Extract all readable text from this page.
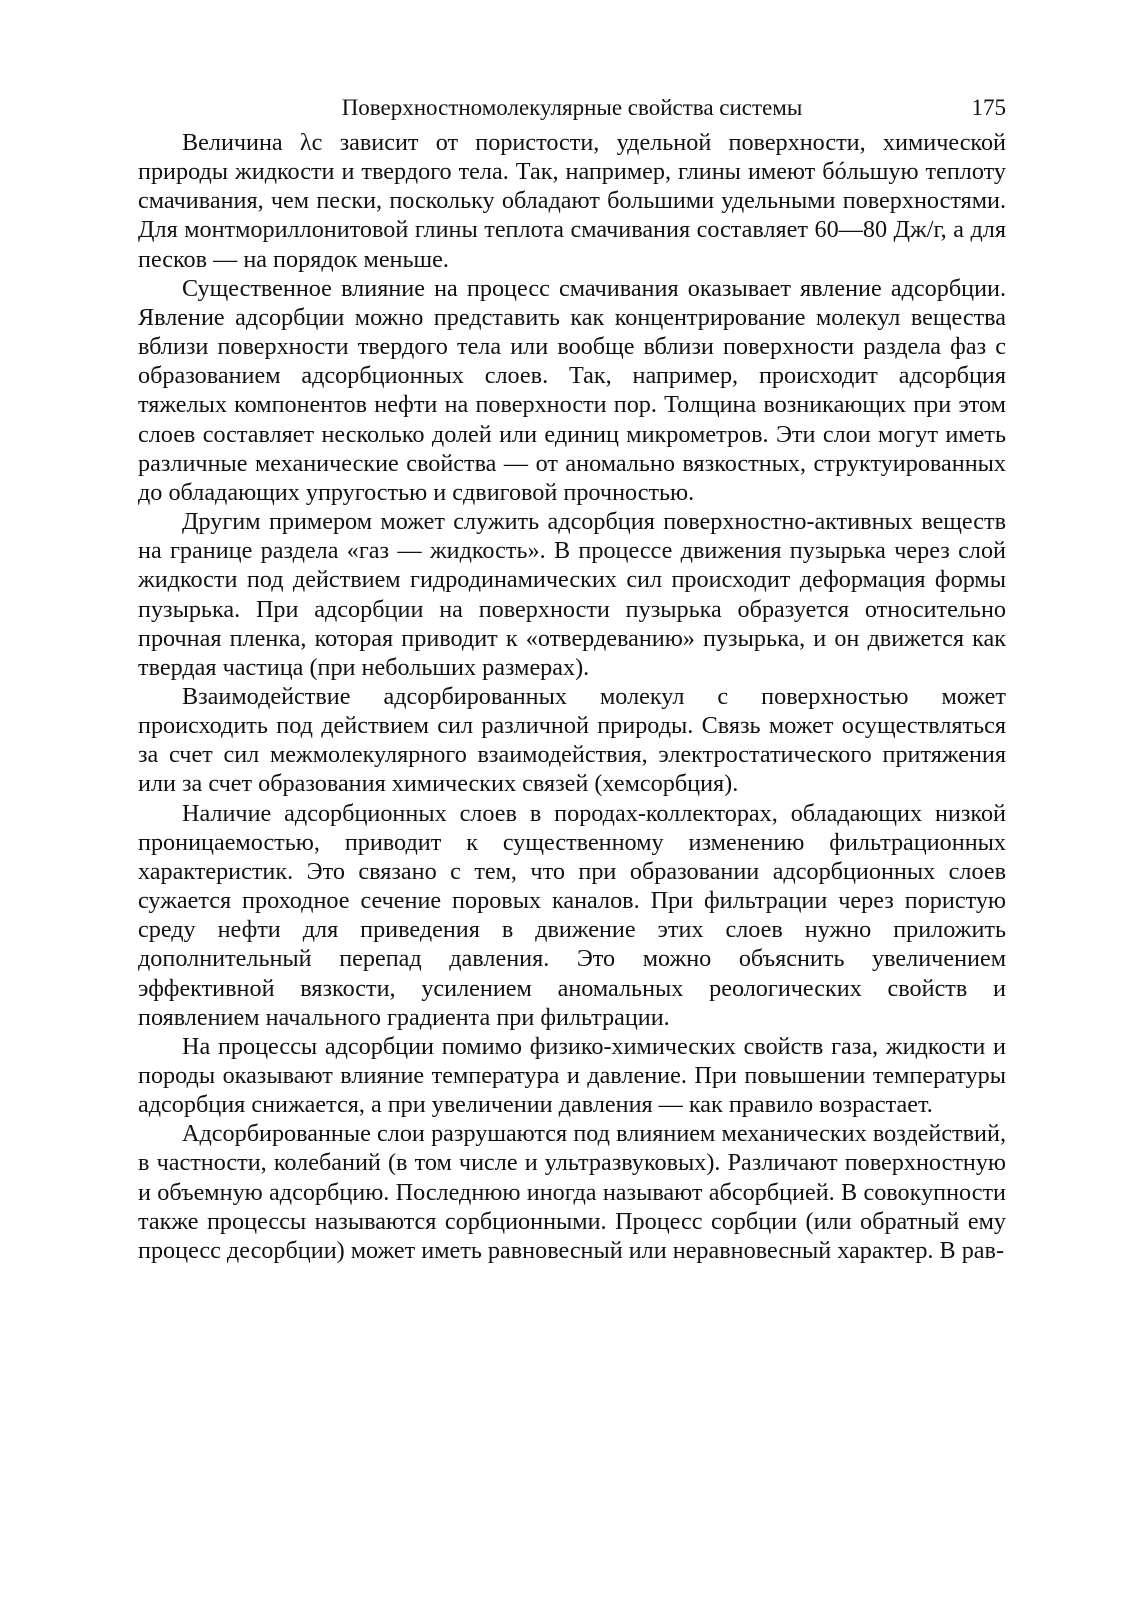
Поверхностномолекулярные свойства системы	175

Величина λc зависит от пористости, удельной поверхности, химической природы жидкости и твердого тела. Так, например, глины имеют бóльшую теплоту смачивания, чем пески, поскольку обладают большими удельными поверхностями. Для монтмориллонитовой глины теплота смачивания составляет 60—80 Дж/г, а для песков — на порядок меньше.

Существенное влияние на процесс смачивания оказывает явление адсорбции. Явление адсорбции можно представить как концентрирование молекул вещества вблизи поверхности твердого тела или вообще вблизи поверхности раздела фаз с образованием адсорбционных слоев. Так, например, происходит адсорбция тяжелых компонентов нефти на поверхности пор. Толщина возникающих при этом слоев составляет несколько долей или единиц микрометров. Эти слои могут иметь различные механические свойства — от аномально вязкостных, структуированных до обладающих упругостью и сдвиговой прочностью.

Другим примером может служить адсорбция поверхностно-активных веществ на границе раздела «газ — жидкость». В процессе движения пузырька через слой жидкости под действием гидродинамических сил происходит деформация формы пузырька. При адсорбции на поверхности пузырька образуется относительно прочная пленка, которая приводит к «отвердеванию» пузырька, и он движется как твердая частица (при небольших размерах).

Взаимодействие адсорбированных молекул с поверхностью может происходить под действием сил различной природы. Связь может осуществляться за счет сил межмолекулярного взаимодействия, электростатического притяжения или за счет образования химических связей (хемсорбция).

Наличие адсорбционных слоев в породах-коллекторах, обладающих низкой проницаемостью, приводит к существенному изменению фильтрационных характеристик. Это связано с тем, что при образовании адсорбционных слоев сужается проходное сечение поровых каналов. При фильтрации через пористую среду нефти для приведения в движение этих слоев нужно приложить дополнительный перепад давления. Это можно объяснить увеличением эффективной вязкости, усилением аномальных реологических свойств и появлением начального градиента при фильтрации.

На процессы адсорбции помимо физико-химических свойств газа, жидкости и породы оказывают влияние температура и давление. При повышении температуры адсорбция снижается, а при увеличении давления — как правило возрастает.

Адсорбированные слои разрушаются под влиянием механических воздействий, в частности, колебаний (в том числе и ультразвуковых). Различают поверхностную и объемную адсорбцию. Последнюю иногда называют абсорбцией. В совокупности также процессы называются сорбционными. Процесс сорбции (или обратный ему процесс десорбции) может иметь равновесный или неравновесный характер. В рав-
